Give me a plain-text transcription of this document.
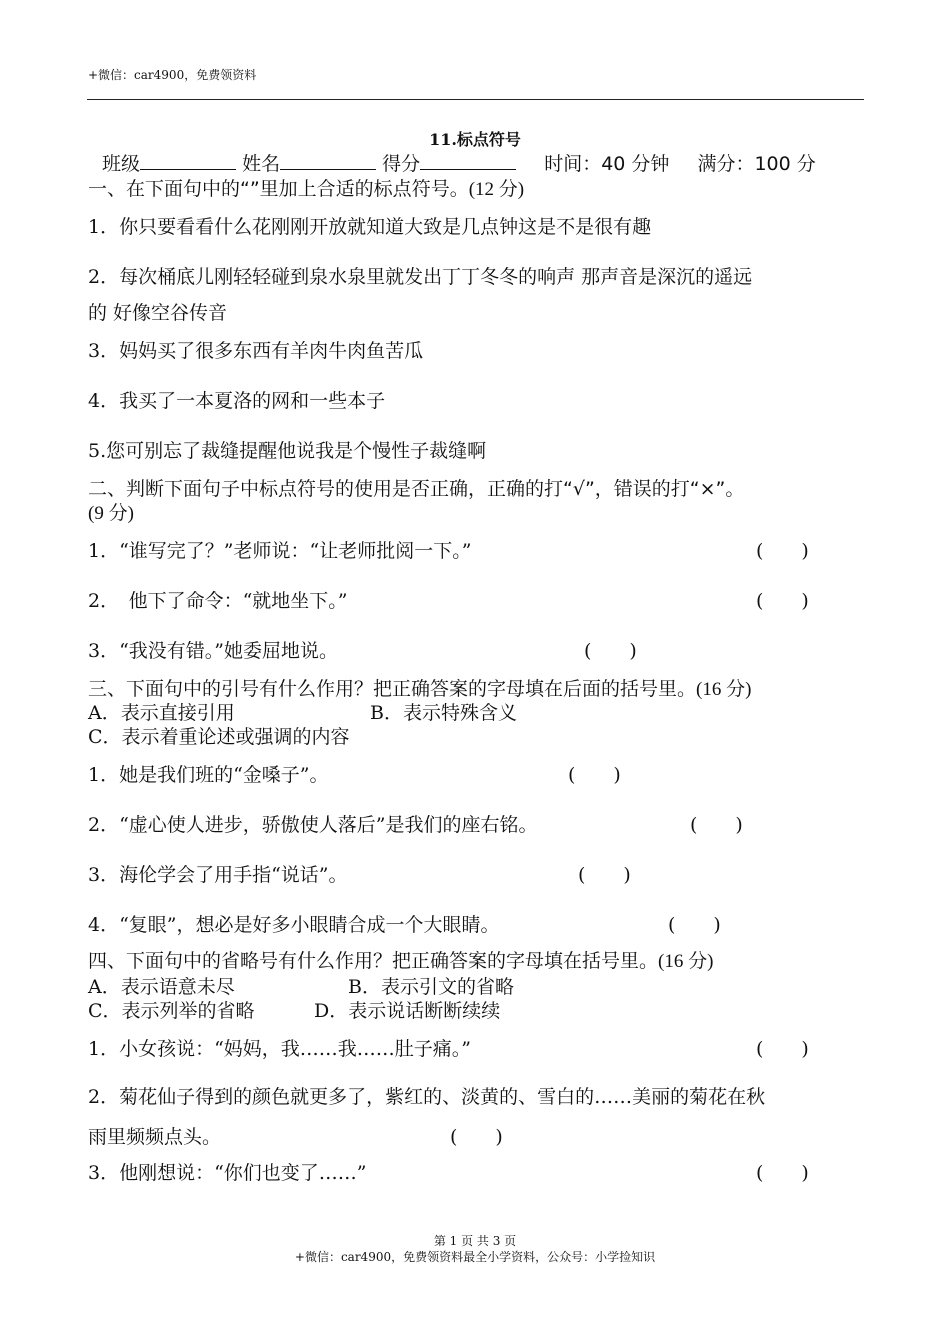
+微信：car4900，免费领资料
11.标点符号
班级	姓名	得分	时间：40 分钟 满分：100 分
一、在下面句中的“”里加上合适的标点符号。(12 分)
1．你只要看看什么花刚刚开放就知道大致是几点钟这是不是很有趣
2．每次桶底儿刚轻轻碰到泉水泉里就发出丁丁冬冬的响声 那声音是深沉的遥远
的 好像空谷传音
3．妈妈买了很多东西有羊肉牛肉鱼苦瓜
4．我买了一本夏洛的网和一些本子
5.您可别忘了裁缝提醒他说我是个慢性子裁缝啊
二、判断下面句子中标点符号的使用是否正确，正确的打“√”，错误的打“×”。
(9 分)
1．“谁写完了？”老师说：“让老师批阅一下。”	(　　)
2．　他下了命令：“就地坐下。”	(　　)
3．“我没有错。”她委屈地说。	(　　)
三、下面句中的引号有什么作用？把正确答案的字母填在后面的括号里。(16 分)
A．表示直接引用	B．表示特殊含义
C．表示着重论述或强调的内容
1．她是我们班的“金嗓子”。	(　　)
2．“虚心使人进步，骄傲使人落后”是我们的座右铭。	(　　)
3．海伦学会了用手指“说话”。	(　　)
4．“复眼”，想必是好多小眼睛合成一个大眼睛。	(　　)
四、下面句中的省略号有什么作用？把正确答案的字母填在括号里。(16 分)
A．表示语意未尽	B．表示引文的省略
C．表示列举的省略	D．表示说话断断续续
1．小女孩说：“妈妈，我……我……肚子痛。”	(　　)
2．菊花仙子得到的颜色就更多了，紫红的、淡黄的、雪白的……美丽的菊花在秋
雨里频频点头。	(　　)
3．他刚想说：“你们也变了……”	(　　)
第 1 页 共 3 页
+微信：car4900，免费领资料最全小学资料，公众号：小学捡知识
